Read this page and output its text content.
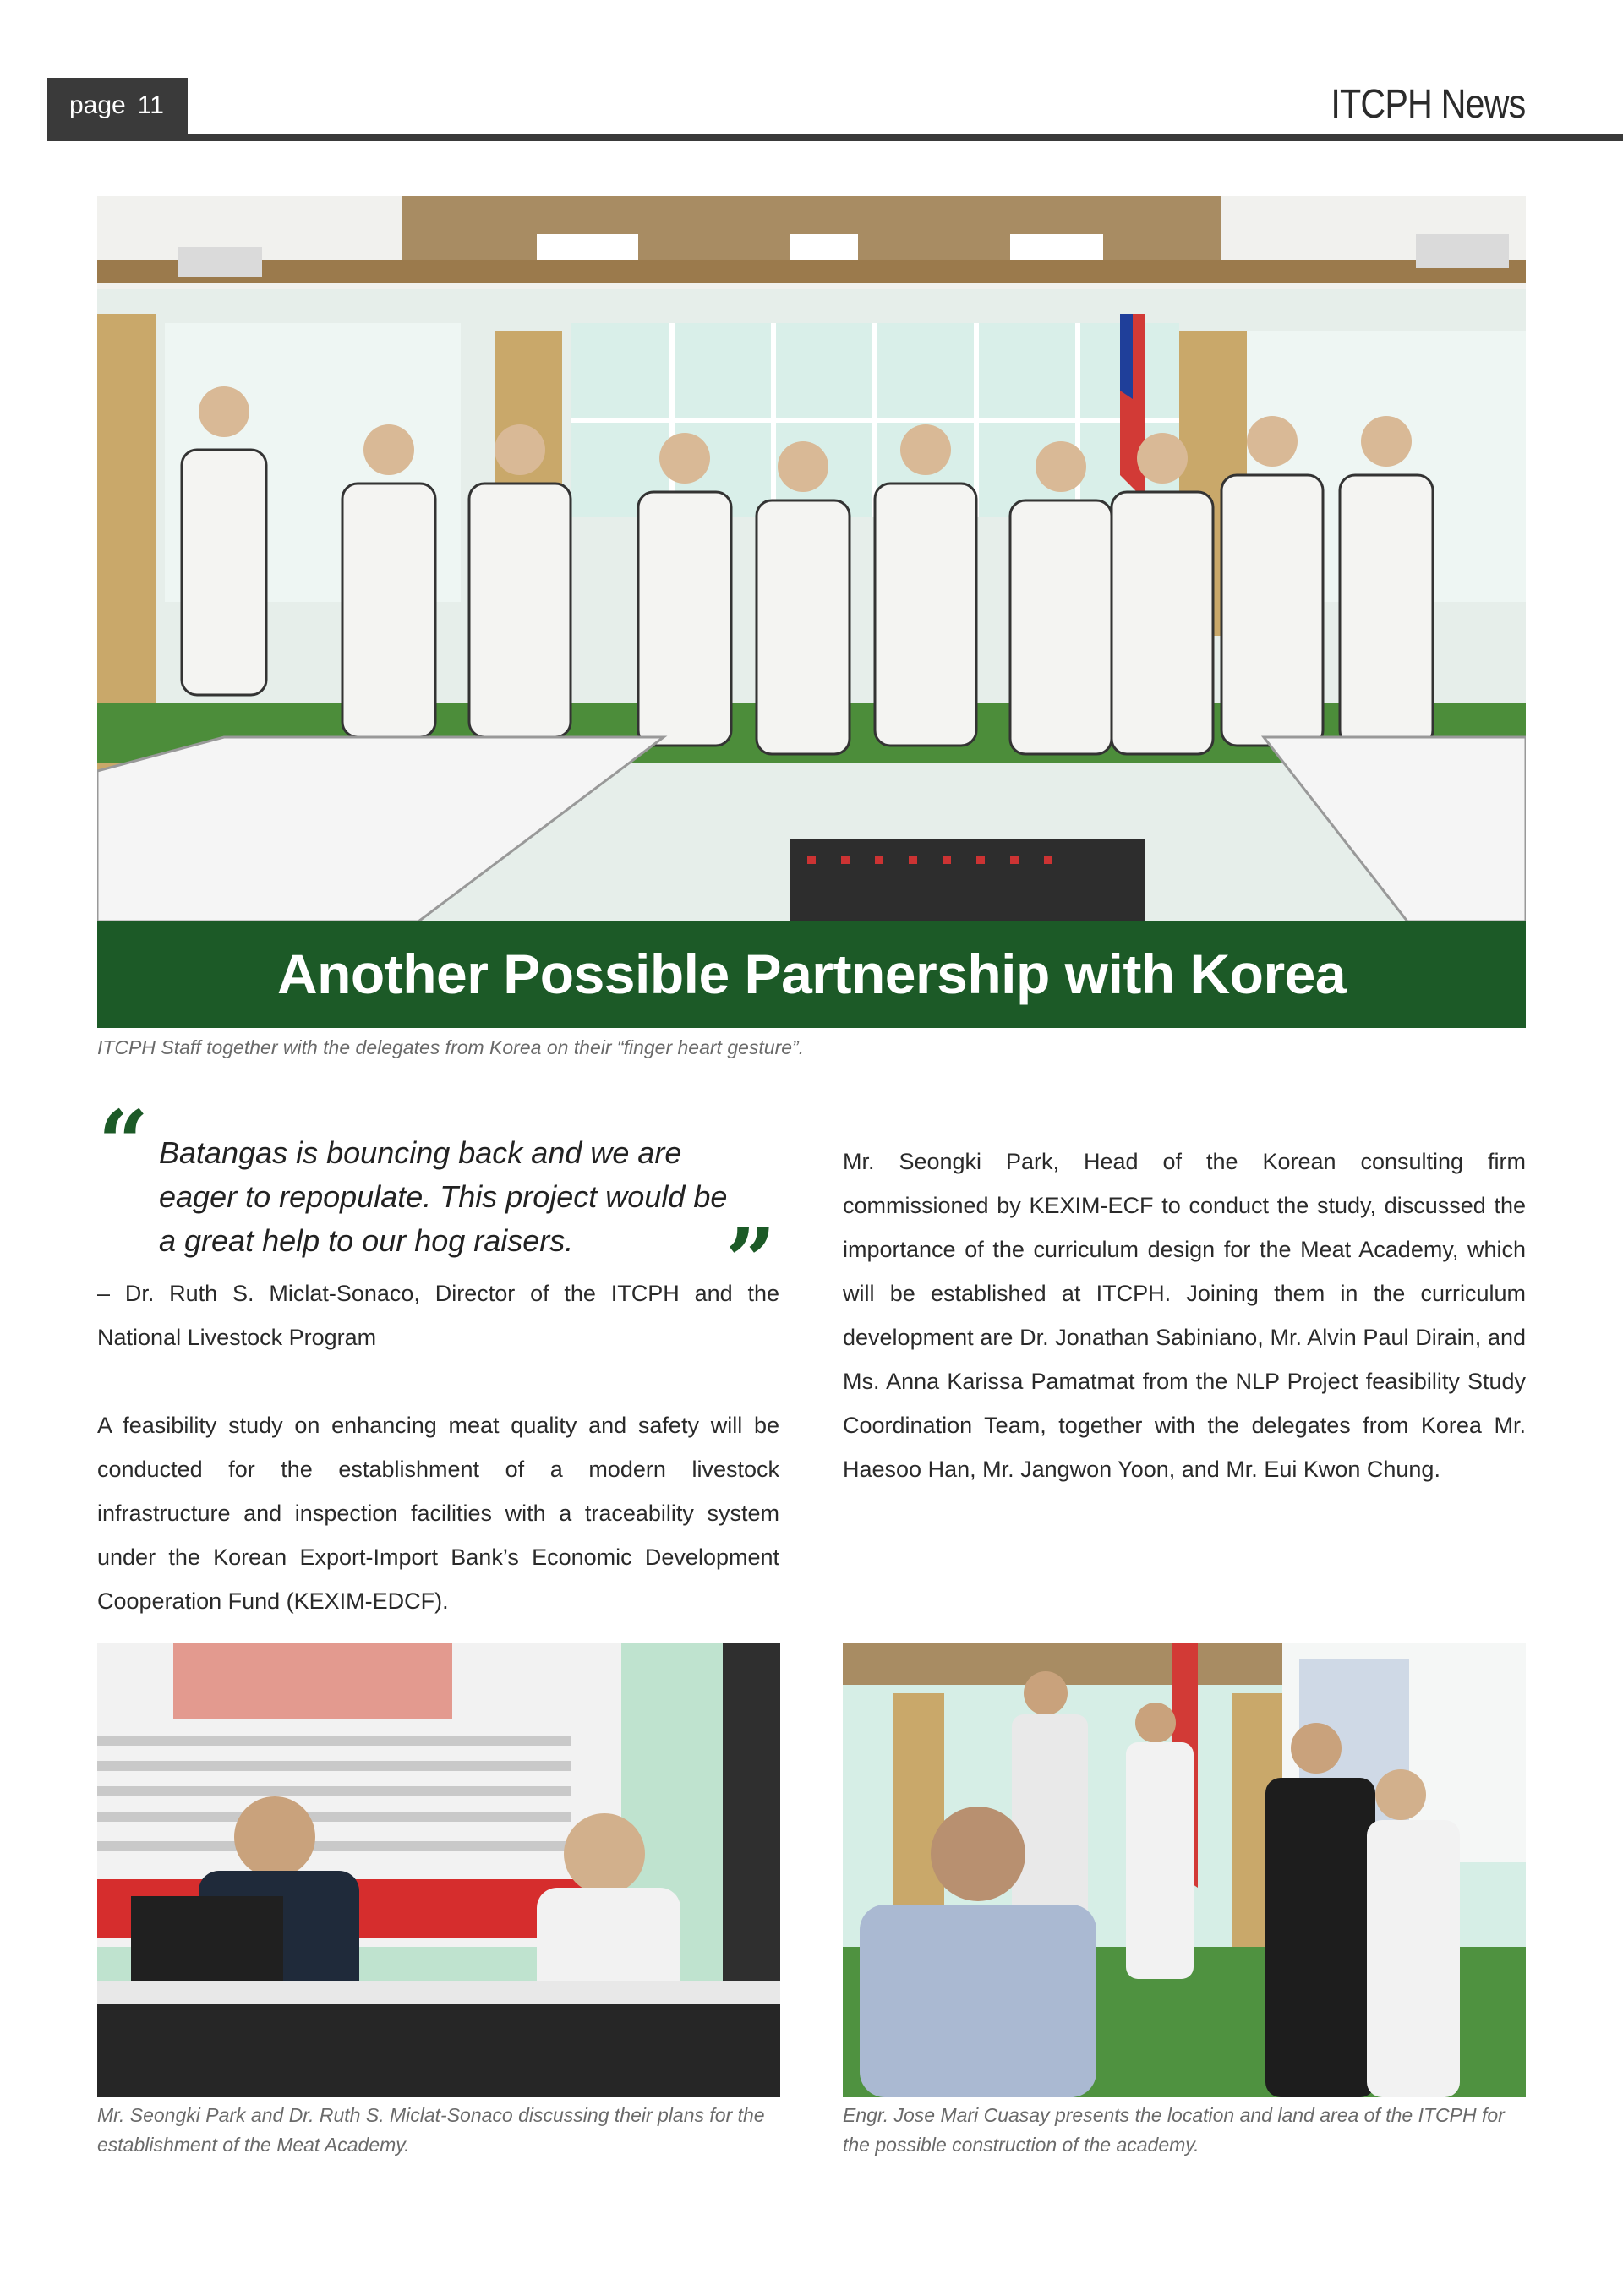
page 11	ITCPH News
Another Possible Partnership with Korea
ITCPH Staff together with the delegates from Korea on their “finger heart gesture”.
“ Batangas is bouncing back and we are eager to repopulate. This project would be a great help to our hog raisers.	”
– Dr. Ruth S. Miclat-Sonaco, Director of the ITCPH and the National Livestock Program
A feasibility study on enhancing meat quality and safety will be conducted for the establishment of a modern livestock infrastructure and inspection facilities with a traceability system under the Korean Export-Import Bank’s Economic Development Cooperation Fund (KEXIM-EDCF).
Mr. Seongki Park, Head of the Korean consulting firm commissioned by KEXIM-ECF to conduct the study, discussed the importance of the curriculum design for the Meat Academy, which will be established at ITCPH. Joining them in the curriculum development are Dr. Jonathan Sabiniano, Mr. Alvin Paul Dirain, and Ms. Anna Karissa Pamatmat from the NLP Project feasibility Study Coordination Team, together with the delegates from Korea Mr. Haesoo Han, Mr. Jangwon Yoon, and Mr. Eui Kwon Chung.
Mr. Seongki Park and Dr. Ruth S. Miclat-Sonaco discussing their plans for the establishment of the Meat Academy.
Engr. Jose Mari Cuasay presents the location and land area of the ITCPH for the possible construction of the academy.
